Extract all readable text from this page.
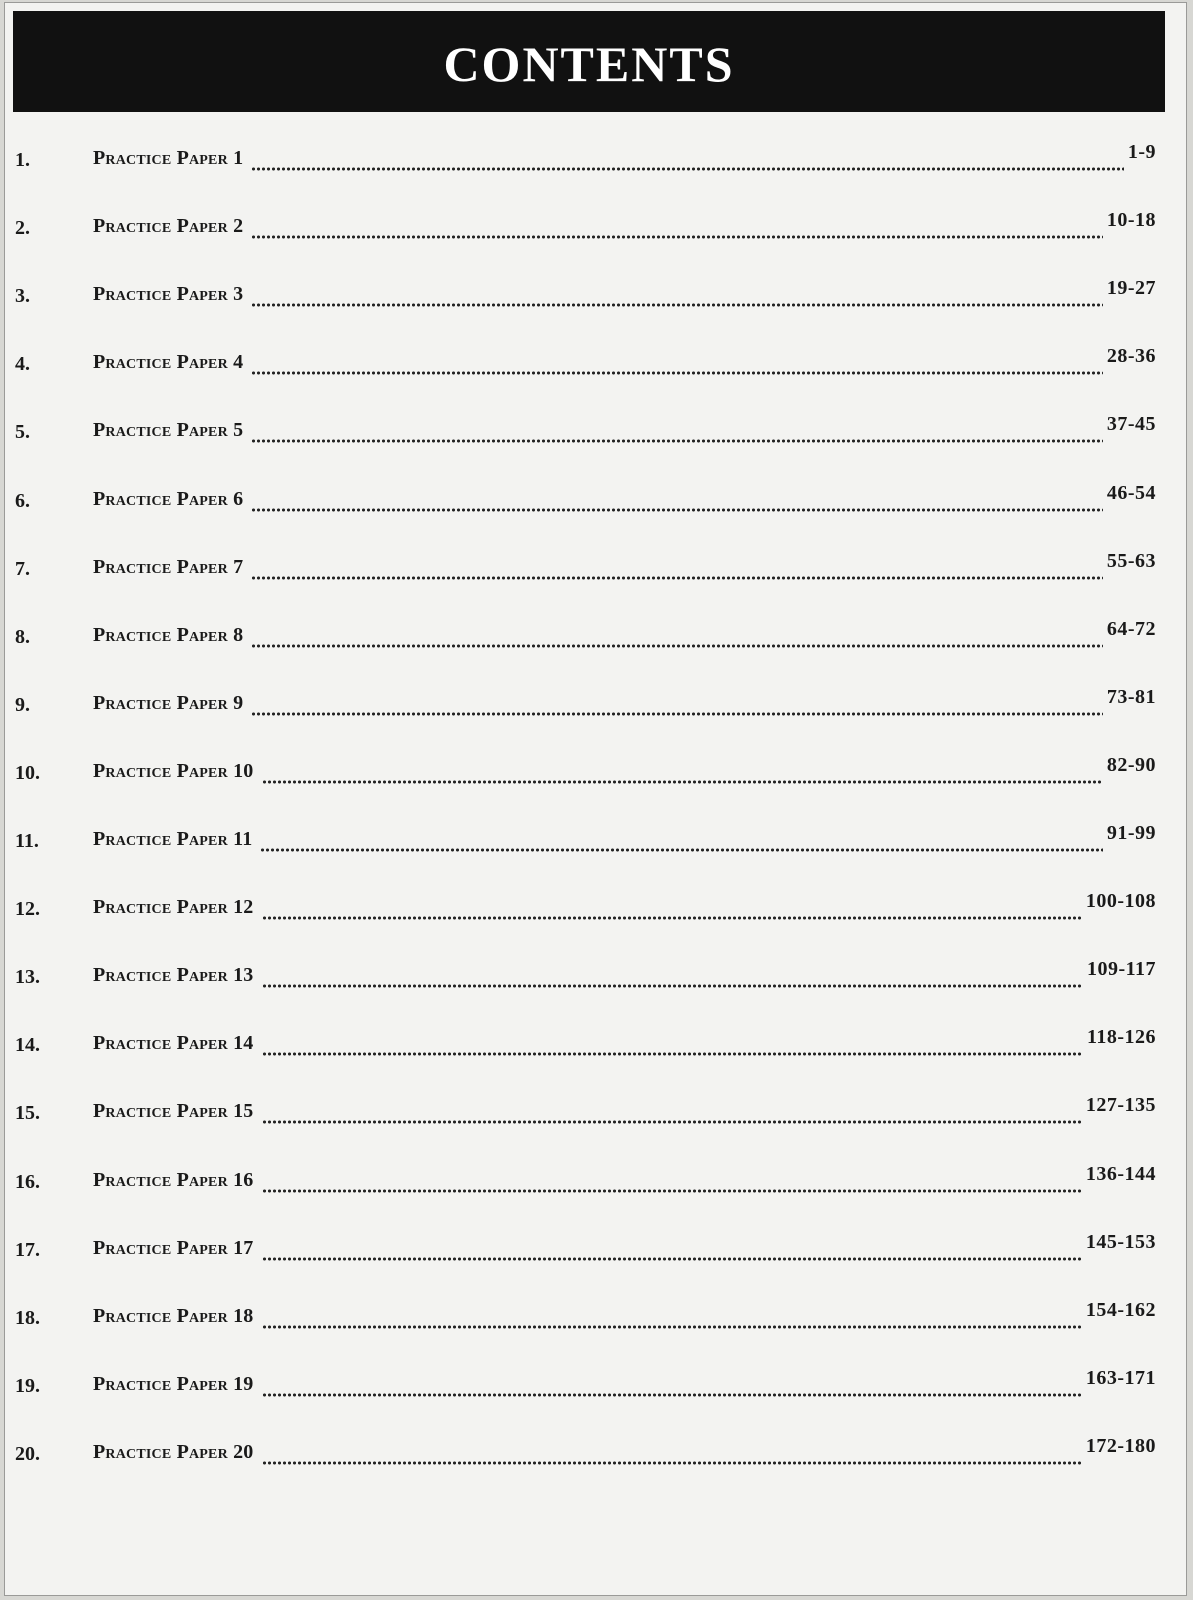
CONTENTS
1.	Practice Paper 1	1-9
2.	Practice Paper 2	10-18
3.	Practice Paper 3	19-27
4.	Practice Paper 4	28-36
5.	Practice Paper 5	37-45
6.	Practice Paper 6	46-54
7.	Practice Paper 7	55-63
8.	Practice Paper 8	64-72
9.	Practice Paper 9	73-81
10.	Practice Paper 10	82-90
11.	Practice Paper 11	91-99
12.	Practice Paper 12	100-108
13.	Practice Paper 13	109-117
14.	Practice Paper 14	118-126
15.	Practice Paper 15	127-135
16.	Practice Paper 16	136-144
17.	Practice Paper 17	145-153
18.	Practice Paper 18	154-162
19.	Practice Paper 19	163-171
20.	Practice Paper 20	172-180
